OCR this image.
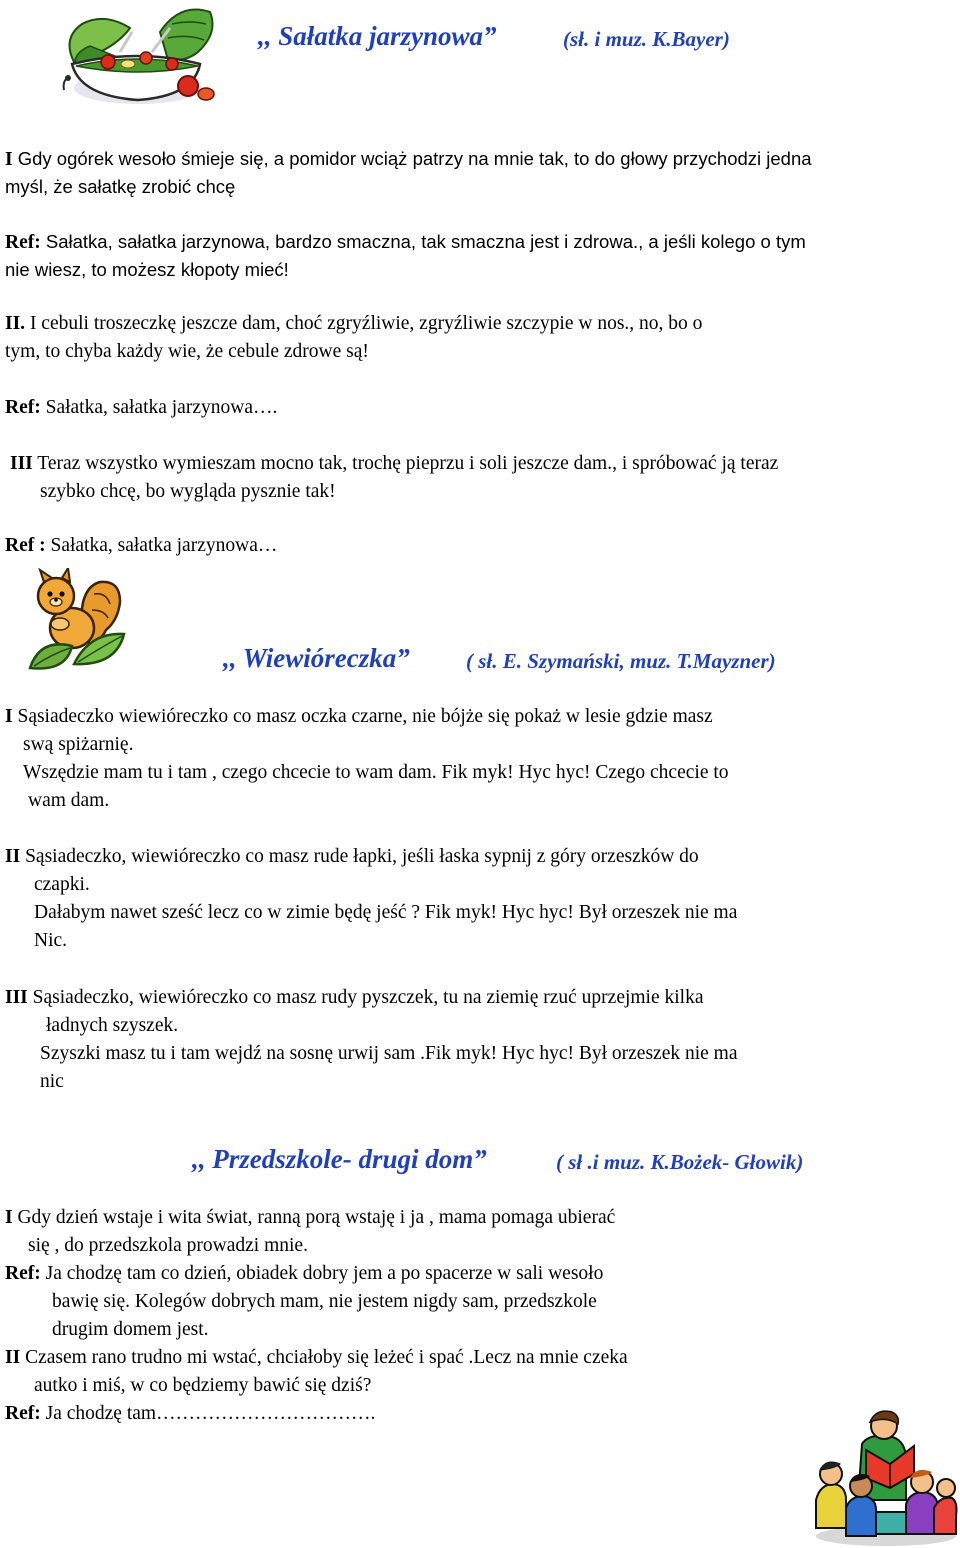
,, Sałatka jarzynowa”	(sł. i muz. K.Bayer)
I Gdy ogórek wesoło śmieje się, a pomidor wciąż patrzy na mnie tak, to do głowy przychodzi jedna
myśl, że sałatkę zrobić chcę
Ref: Sałatka, sałatka jarzynowa, bardzo smaczna, tak smaczna jest i zdrowa., a jeśli kolego o tym
nie wiesz, to możesz kłopoty mieć!
II. I cebuli troszeczkę jeszcze dam, choć zgryźliwie, zgryźliwie szczypie w nos., no, bo o
tym, to chyba każdy wie, że cebule zdrowe są!
Ref: Sałatka, sałatka jarzynowa….
III Teraz wszystko wymieszam mocno tak, trochę pieprzu i soli jeszcze dam., i spróbować ją teraz
szybko chcę, bo wygląda pysznie tak!
Ref : Sałatka, sałatka jarzynowa…
,, Wiewióreczka”	( sł. E. Szymański, muz. T.Mayzner)
I Sąsiadeczko wiewióreczko co masz oczka czarne, nie bójże się pokaż w lesie gdzie masz
swą spiżarnię.
Wszędzie mam tu i tam , czego chcecie to wam dam. Fik myk! Hyc hyc! Czego chcecie to
wam dam.
II Sąsiadeczko, wiewióreczko co masz rude łapki, jeśli łaska sypnij z góry orzeszków do
czapki.
Dałabym nawet sześć lecz co w zimie będę jeść ? Fik myk! Hyc hyc! Był orzeszek nie ma
Nic.
III Sąsiadeczko, wiewióreczko co masz rudy pyszczek, tu na ziemię rzuć uprzejmie kilka
ładnych szyszek.
Szyszki masz tu i tam wejdź na sosnę urwij sam .Fik myk! Hyc hyc! Był orzeszek nie ma
nic
,, Przedszkole- drugi dom”	( sł .i muz. K.Bożek- Głowik)
I Gdy dzień wstaje i wita świat, ranną porą wstaję i ja , mama pomaga ubierać
się , do przedszkola prowadzi mnie.
Ref: Ja chodzę tam co dzień, obiadek dobry jem a po spacerze w sali wesoło
bawię się. Kolegów dobrych mam, nie jestem nigdy sam, przedszkole
drugim domem jest.
II Czasem rano trudno mi wstać, chciałoby się leżeć i spać .Lecz na mnie czeka
autko i miś, w co będziemy bawić się dziś?
Ref: Ja chodzę tam…………………………….
